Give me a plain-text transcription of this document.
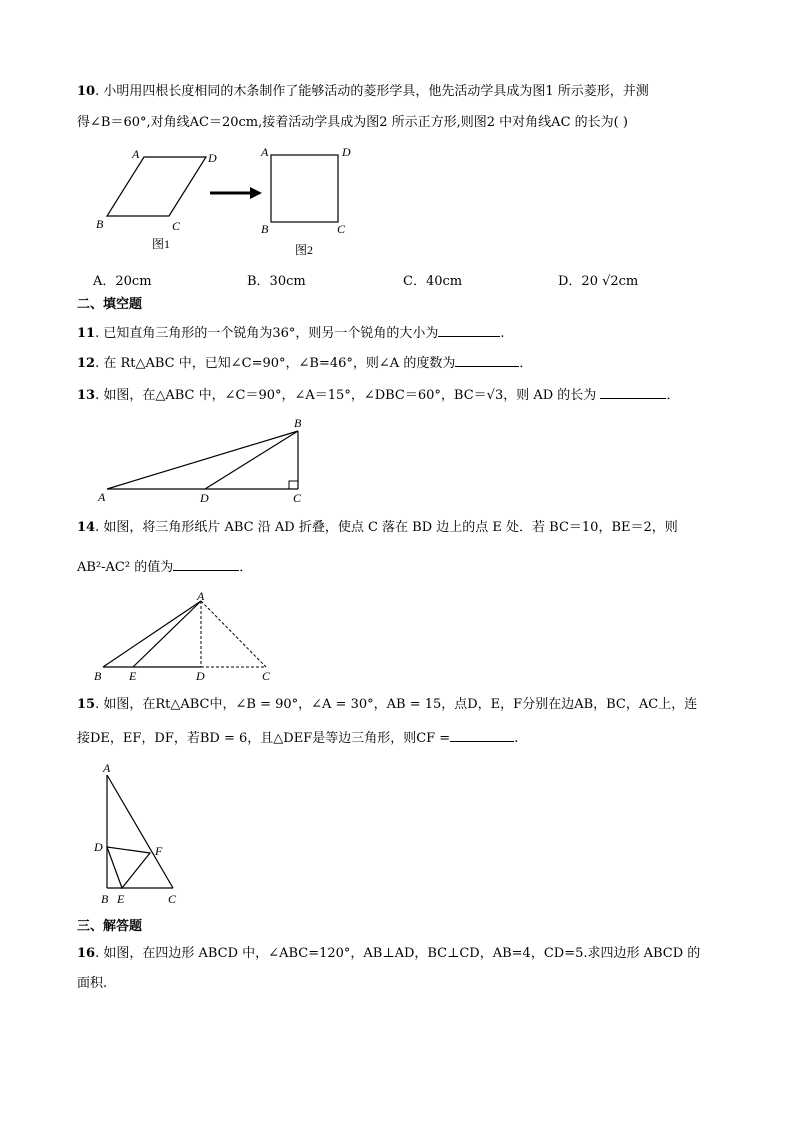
10. 小明用四根长度相同的木条制作了能够活动的菱形学具，他先活动学具成为图1 所示菱形，并测
得∠B＝60°,对角线AC＝20cm,接着活动学具成为图2 所示正方形,则图2 中对角线AC 的长为( )
A	D
B	C
图1
A	D
B	C
图2
A．20cm	B．30cm	C．40cm	D．20 √2cm
二、填空题
11. 已知直角三角形的一个锐角为36°，则另一个锐角的大小为	.
12. 在 Rt△ABC 中，已知∠C=90°，∠B=46°，则∠A 的度数为	．
13. 如图，在△ABC 中，∠C＝90°，∠A＝15°，∠DBC＝60°，BC＝√3，则 AD 的长为	．
B
A	D	C
14. 如图，将三角形纸片 ABC 沿 AD 折叠，使点 C 落在 BD 边上的点 E 处．若 BC＝10，BE＝2，则
AB²-AC² 的值为	．
A
B E	D	C
15. 如图，在Rt△ABC中，∠B = 90°，∠A = 30°，AB = 15，点D，E，F分别在边AB，BC，AC上，连
接DE，EF，DF，若BD = 6，且△DEF是等边三角形，则CF =	.
A
D	F
B E	C
三、解答题
16. 如图，在四边形 ABCD 中，∠ABC=120°，AB⊥AD，BC⊥CD，AB=4，CD=5.求四边形 ABCD 的
面积.
